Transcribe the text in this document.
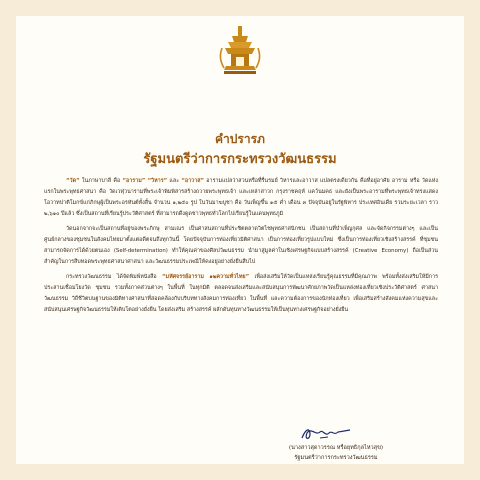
คำปรารภ
รัฐมนตรีว่าการกระทรวงวัฒนธรรม

“วัด” ในภาษาบาลี คือ “อาราม” “วิหาร” และ “อาวาส” อารามแปลว่าสวนหรือที่รื่นรมย์ วิหารและอาวาส แปลตรงเดียวกัน คือที่อยู่อาศัย อาราม หรือ วัดแห่งแรกในพระพุทธศาสนา คือ วัดเวฬุวนารามที่พระเจ้าพิมพิสารสร้างถวายพระพุทธเจ้า และเหล่าสาวก กรุงราชคฤห์ แคว้นมคธ และยังเป็นพระอารามที่พระพุทธเจ้าทรงแสดงโอวาทปาติโมกข์แก่ภิกษุผู้เป็นพระอรหันต์ทั้งสิ้น จำนวน ๑,๒๕๐ รูป ในวันมาฆบูชา คือ วันเพ็ญขึ้น ๑๕ ค่ำ เดือน ๓ ปัจจุบันอยู่ในรัฐพิหาร ประเทศอินเดีย รวมระยะเวลา ราว ๒,๖๑๐ ปีแล้ว ซึ่งเป็นสถานที่เรียนรู้ประวัติศาสตร์ ที่สามารถดึงดูดชาวพุทธทั่วโลกไปเรียนรู้ในแดนพุทธภูมิ

วัดนอกจากจะเป็นสถานที่อยู่ของพระภิกษุ สามเณร เป็นศาสนสถานที่ประชิตตลาดวิตไชพุทธศาสนิกชน เป็นสถานที่บำเพ็ญกุศล และจัดกิจกรรมต่างๆ และเป็นศูนย์กลางของชุมชนในสังคมไทยมาตั้งแต่อดีตจนถึงทุกวันนี้ โดยปัจจุบันการท่องเที่ยวมิติศาสนา เป็นการท่องเที่ยวรูปแบบใหม่ ซึ่งเป็นการท่องเที่ยวเชิงสร้างสรรค์ ที่ชุมชนสามารถจัดการได้ด้วยตนเอง (Self-determination) ทำให้คุณค่าของศิลปวัฒนธรรม นำมาสู่มูลค่าในเชิงเศรษฐกิจแบบสร้างสรรค์ (Creative Economy) ถือเป็นส่วนสำคัญในการสืบทอดพระพุทธศาสนาศาสนา และวัฒนธรรมประเพณีให้คงอยู่อย่างยั่งยืนสืบไป

กระทรวงวัฒนธรรม ได้จัดพิมพ์หนังสือ “มหัศจรรย์อาราม ๑๒ความทั่วไทย” เพื่อส่งเสริมให้วัดเป็นแหล่งเรียนรู้คุณธรรมที่มีคุณภาพ พร้อมทั้งส่งเสริมให้มีการประสานเชื่อมโยงวัด ชุมชน รวมทั้งภาคส่วนต่างๆ ในพื้นที่ ในทุกมิติ ตลอดจนส่งเสริมและสนับสนุนการพัฒนาศักยภาพวัดเป็นแหล่งท่องเที่ยวเชิงประวัติศาสตร์ ศาสนา วัฒนธรรม วิถีชีวิตบนฐานของมิติทางศาสนาที่สอดคล้องกับบริบททางสังคมการท่องเที่ยว ในพื้นที่ และความต้องการของนักท่องเที่ยว เพื่อเสริมสร้างสังคมแห่งความสุขและสนับสนุนเศรษฐกิจวัฒนธรรมให้เติบโตอย่างยั่งยืน โดยส่งเสริม สร้างสรรค์ ผลักดันทุนทางวัฒนธรรมให้เป็นทุนทางเศรษฐกิจอย่างยั่งยืน

(นางสาวสุดาวรรณ หรือยุทธิกุลไหวสุข)
รัฐมนตรีว่าการกระทรวงวัฒนธรรม
